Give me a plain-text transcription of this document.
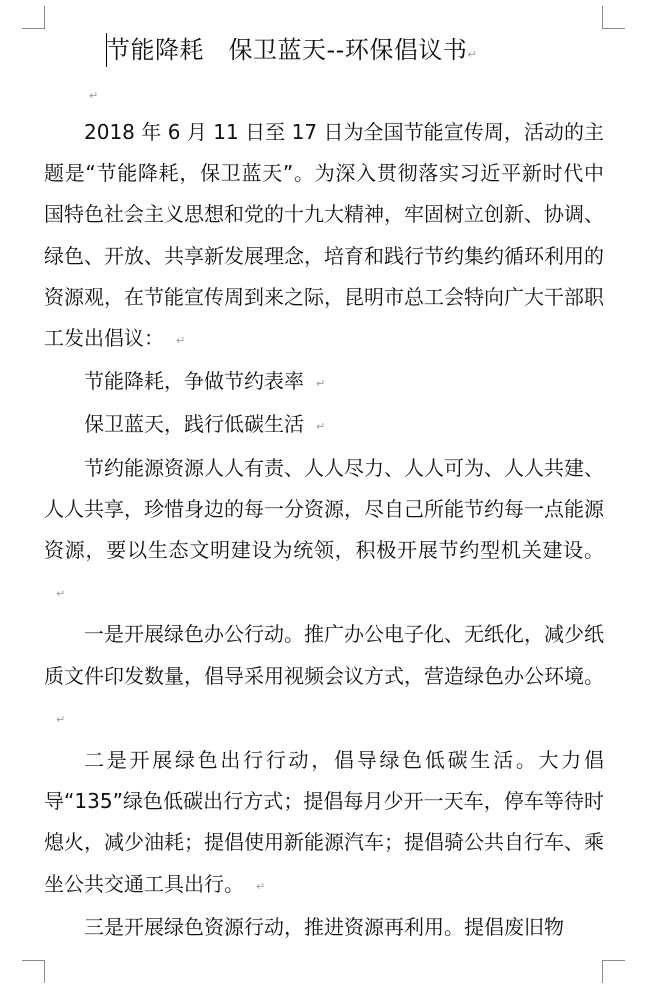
节能降耗　保卫蓝天--环保倡议书↵
↵

2018 年 6 月 11 日至 17 日为全国节能宣传周，活动的主题是“节能降耗，保卫蓝天”。为深入贯彻落实习近平新时代中国特色社会主义思想和党的十九大精神，牢固树立创新、协调、绿色、开放、共享新发展理念，培育和践行节约集约循环利用的资源观，在节能宣传周到来之际，昆明市总工会特向广大干部职工发出倡议： ↵

节能降耗，争做节约表率 ↵

保卫蓝天，践行低碳生活 ↵

节约能源资源人人有责、人人尽力、人人可为、人人共建、人人共享，珍惜身边的每一分资源，尽自己所能节约每一点能源资源，要以生态文明建设为统领，积极开展节约型机关建设。↵

一是开展绿色办公行动。推广办公电子化、无纸化，减少纸质文件印发数量，倡导采用视频会议方式，营造绿色办公环境。↵

二是开展绿色出行行动，倡导绿色低碳生活。大力倡导“135”绿色低碳出行方式；提倡每月少开一天车，停车等待时熄火，减少油耗；提倡使用新能源汽车；提倡骑公共自行车、乘坐公共交通工具出行。 ↵

三是开展绿色资源行动，推进资源再利用。提倡废旧物
